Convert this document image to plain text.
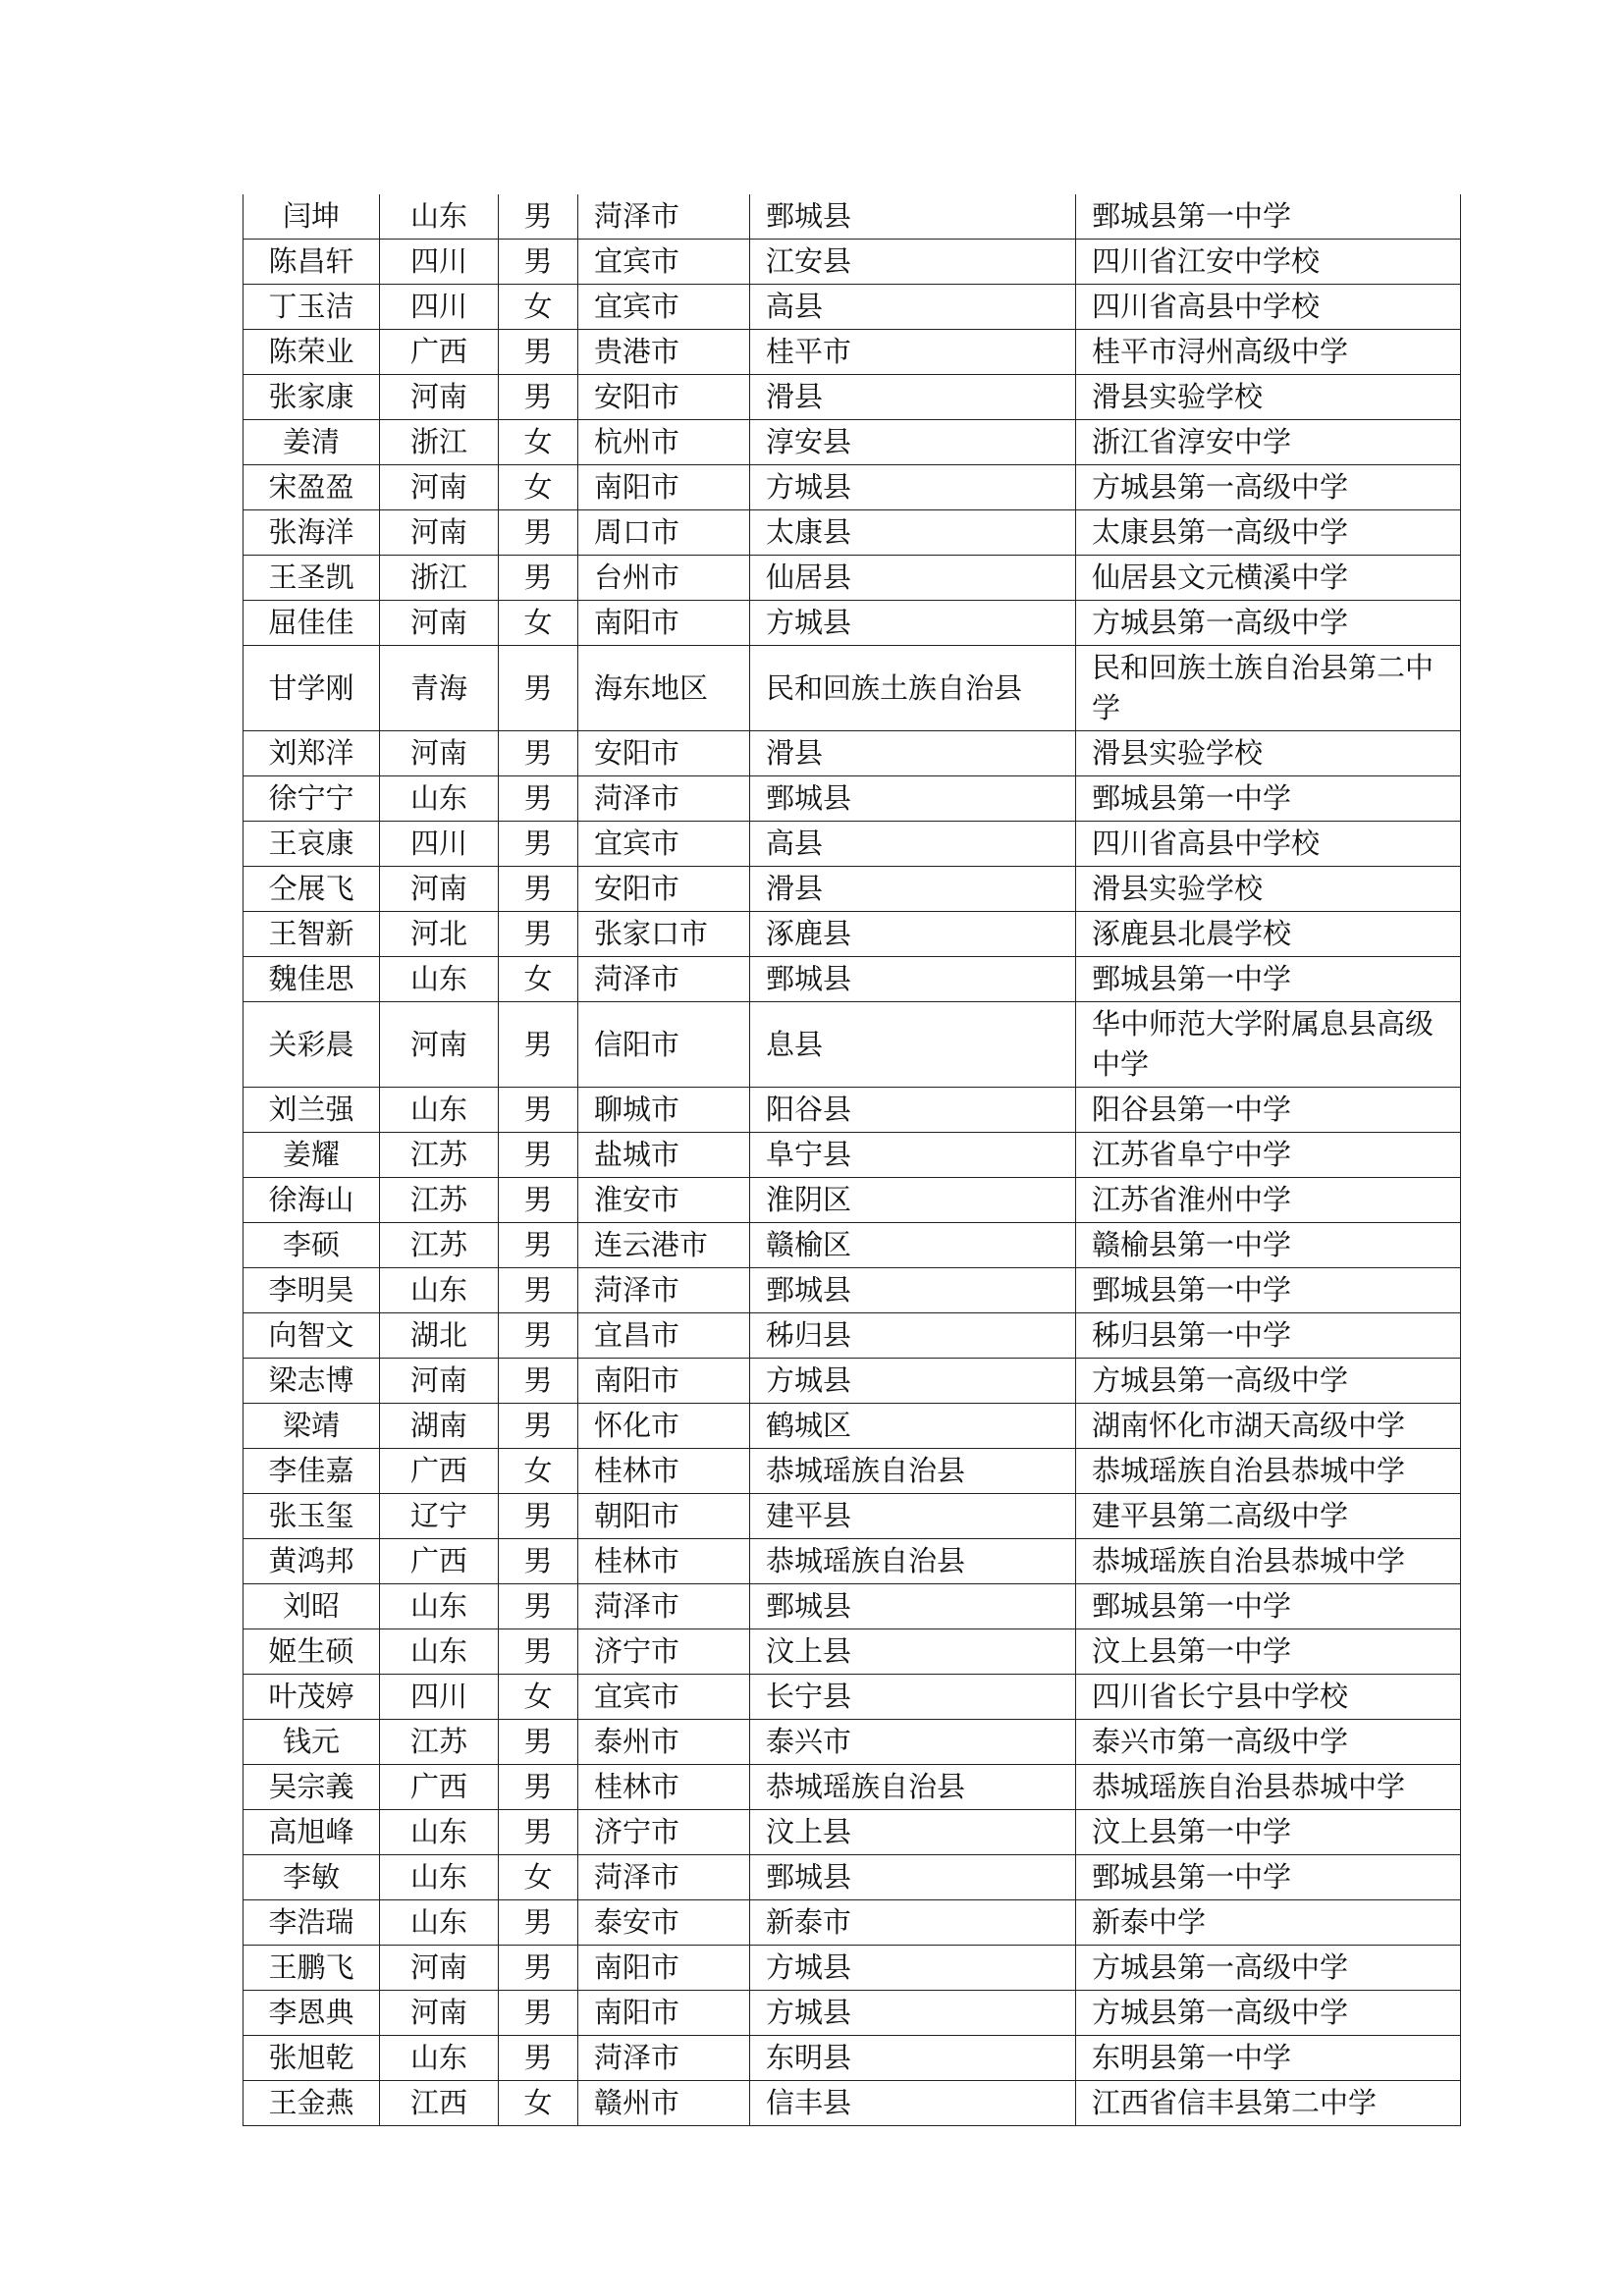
闫坤	山东	男	菏泽市	鄄城县	鄄城县第一中学
陈昌轩	四川	男	宜宾市	江安县	四川省江安中学校
丁玉洁	四川	女	宜宾市	高县	四川省高县中学校
陈荣业	广西	男	贵港市	桂平市	桂平市浔州高级中学
张家康	河南	男	安阳市	滑县	滑县实验学校
姜清	浙江	女	杭州市	淳安县	浙江省淳安中学
宋盈盈	河南	女	南阳市	方城县	方城县第一高级中学
张海洋	河南	男	周口市	太康县	太康县第一高级中学
王圣凯	浙江	男	台州市	仙居县	仙居县文元横溪中学
屈佳佳	河南	女	南阳市	方城县	方城县第一高级中学
甘学刚	青海	男	海东地区	民和回族土族自治县	民和回族土族自治县第二中学
刘郑洋	河南	男	安阳市	滑县	滑县实验学校
徐宁宁	山东	男	菏泽市	鄄城县	鄄城县第一中学
王哀康	四川	男	宜宾市	高县	四川省高县中学校
仝展飞	河南	男	安阳市	滑县	滑县实验学校
王智新	河北	男	张家口市	涿鹿县	涿鹿县北晨学校
魏佳思	山东	女	菏泽市	鄄城县	鄄城县第一中学
关彩晨	河南	男	信阳市	息县	华中师范大学附属息县高级中学
刘兰强	山东	男	聊城市	阳谷县	阳谷县第一中学
姜耀	江苏	男	盐城市	阜宁县	江苏省阜宁中学
徐海山	江苏	男	淮安市	淮阴区	江苏省淮州中学
李硕	江苏	男	连云港市	赣榆区	赣榆县第一中学
李明昊	山东	男	菏泽市	鄄城县	鄄城县第一中学
向智文	湖北	男	宜昌市	秭归县	秭归县第一中学
梁志博	河南	男	南阳市	方城县	方城县第一高级中学
梁靖	湖南	男	怀化市	鹤城区	湖南怀化市湖天高级中学
李佳嘉	广西	女	桂林市	恭城瑶族自治县	恭城瑶族自治县恭城中学
张玉玺	辽宁	男	朝阳市	建平县	建平县第二高级中学
黄鸿邦	广西	男	桂林市	恭城瑶族自治县	恭城瑶族自治县恭城中学
刘昭	山东	男	菏泽市	鄄城县	鄄城县第一中学
姬生硕	山东	男	济宁市	汶上县	汶上县第一中学
叶茂婷	四川	女	宜宾市	长宁县	四川省长宁县中学校
钱元	江苏	男	泰州市	泰兴市	泰兴市第一高级中学
吴宗義	广西	男	桂林市	恭城瑶族自治县	恭城瑶族自治县恭城中学
高旭峰	山东	男	济宁市	汶上县	汶上县第一中学
李敏	山东	女	菏泽市	鄄城县	鄄城县第一中学
李浩瑞	山东	男	泰安市	新泰市	新泰中学
王鹏飞	河南	男	南阳市	方城县	方城县第一高级中学
李恩典	河南	男	南阳市	方城县	方城县第一高级中学
张旭乾	山东	男	菏泽市	东明县	东明县第一中学
王金燕	江西	女	赣州市	信丰县	江西省信丰县第二中学
